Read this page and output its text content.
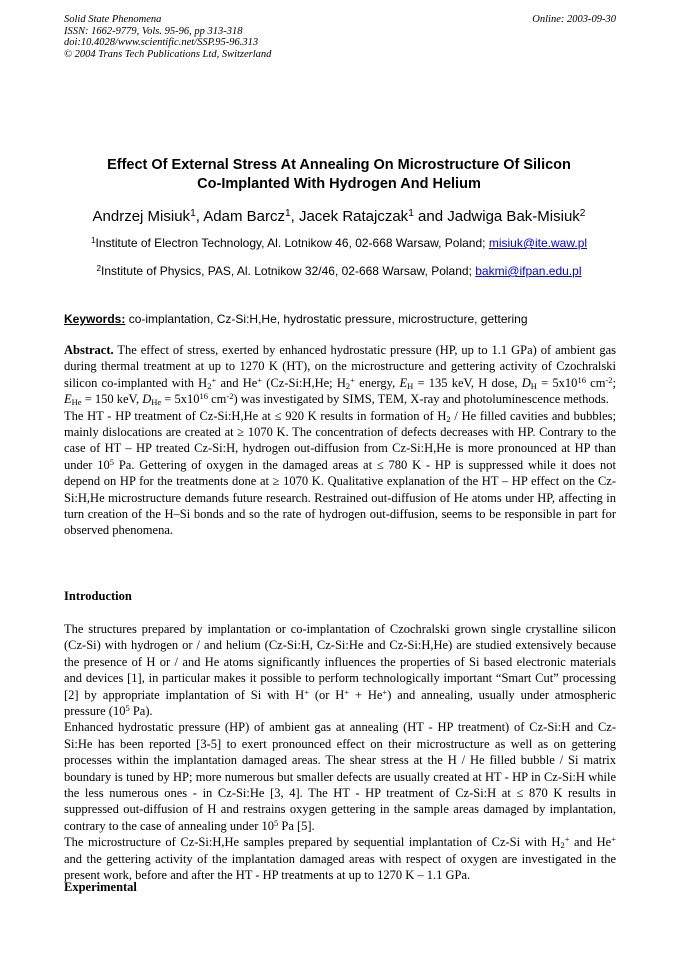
Solid State Phenomena
ISSN: 1662-9779, Vols. 95-96, pp 313-318
doi:10.4028/www.scientific.net/SSP.95-96.313
© 2004 Trans Tech Publications Ltd, Switzerland
Online: 2003-09-30
Effect Of External Stress At Annealing On Microstructure Of Silicon
Co-Implanted With Hydrogen And Helium
Andrzej Misiuk$^1$, Adam Barcz$^1$, Jacek Ratajczak$^1$ and Jadwiga Bak-Misiuk$^2$
$^1$Institute of Electron Technology, Al. Lotnikow 46, 02-668 Warsaw, Poland; misiuk@ite.waw.pl
$^2$Institute of Physics, PAS, Al. Lotnikow 32/46, 02-668 Warsaw, Poland; bakmi@ifpan.edu.pl
Keywords: co-implantation, Cz-Si:H,He, hydrostatic pressure, microstructure, gettering

Abstract. The effect of stress, exerted by enhanced hydrostatic pressure (HP, up to 1.1 GPa) of ambient gas during thermal treatment at up to 1270 K (HT), on the microstructure and gettering activity of Czochralski silicon co-implanted with $H_2^+$ and He+ (Cz-Si:H,He; $H_2^+$ energy, $E_H = 135$ keV, H dose, $D_H = 5x10^{16}$ $cm^{-2}$; $E_{He} = 150$ keV, $D_{He} = 5x10^{16}$ $cm^{-2}$) was investigated by SIMS, TEM, X-ray and photoluminescence methods.

The HT - HP treatment of Cz-Si:H,He at ≤ 920 K results in formation of $H_2$ / He filled cavities and bubbles; mainly dislocations are created at ≥ 1070 K. The concentration of defects decreases with HP. Contrary to the case of HT – HP treated Cz-Si:H, hydrogen out-diffusion from Cz-Si:H,He is more pronounced at HP than under $10^5$ Pa. Gettering of oxygen in the damaged areas at ≤ 780 K - HP is suppressed while it does not depend on HP for the treatments done at ≥ 1070 K. Qualitative explanation of the HT – HP effect on the Cz-Si:H,He microstructure demands future research. Restrained out-diffusion of He atoms under HP, affecting in turn creation of the H–Si bonds and so the rate of hydrogen out-diffusion, seems to be responsible in part for observed phenomena.

Introduction

The structures prepared by implantation or co-implantation of Czochralski grown single crystalline silicon (Cz-Si) with hydrogen or / and helium (Cz-Si:H, Cz-Si:He and Cz-Si:H,He) are studied extensively because the presence of H or / and He atoms significantly influences the properties of Si based electronic materials and devices [1], in particular makes it possible to perform technologically important “Smart Cut” processing [2] by appropriate implantation of Si with H+ (or H+ + He+) and annealing, usually under atmospheric pressure ($10^5$ Pa).

Enhanced hydrostatic pressure (HP) of ambient gas at annealing (HT - HP treatment) of Cz-Si:H and Cz-Si:He has been reported [3-5] to exert pronounced effect on their microstructure as well as on gettering processes within the implantation damaged areas. The shear stress at the H / He filled bubble / Si matrix boundary is tuned by HP; more numerous but smaller defects are usually created at HT - HP in Cz-Si:H while the less numerous ones - in Cz-Si:He [3, 4]. The HT - HP treatment of Cz-Si:H at ≤ 870 K results in suppressed out-diffusion of H and restrains oxygen gettering in the sample areas damaged by implantation, contrary to the case of annealing under $10^5$ Pa [5].

The microstructure of Cz-Si:H,He samples prepared by sequential implantation of Cz-Si with $H_2^+$ and He+ and the gettering activity of the implantation damaged areas with respect of oxygen are investigated in the present work, before and after the HT - HP treatments at up to 1270 K – 1.1 GPa.

Experimental
